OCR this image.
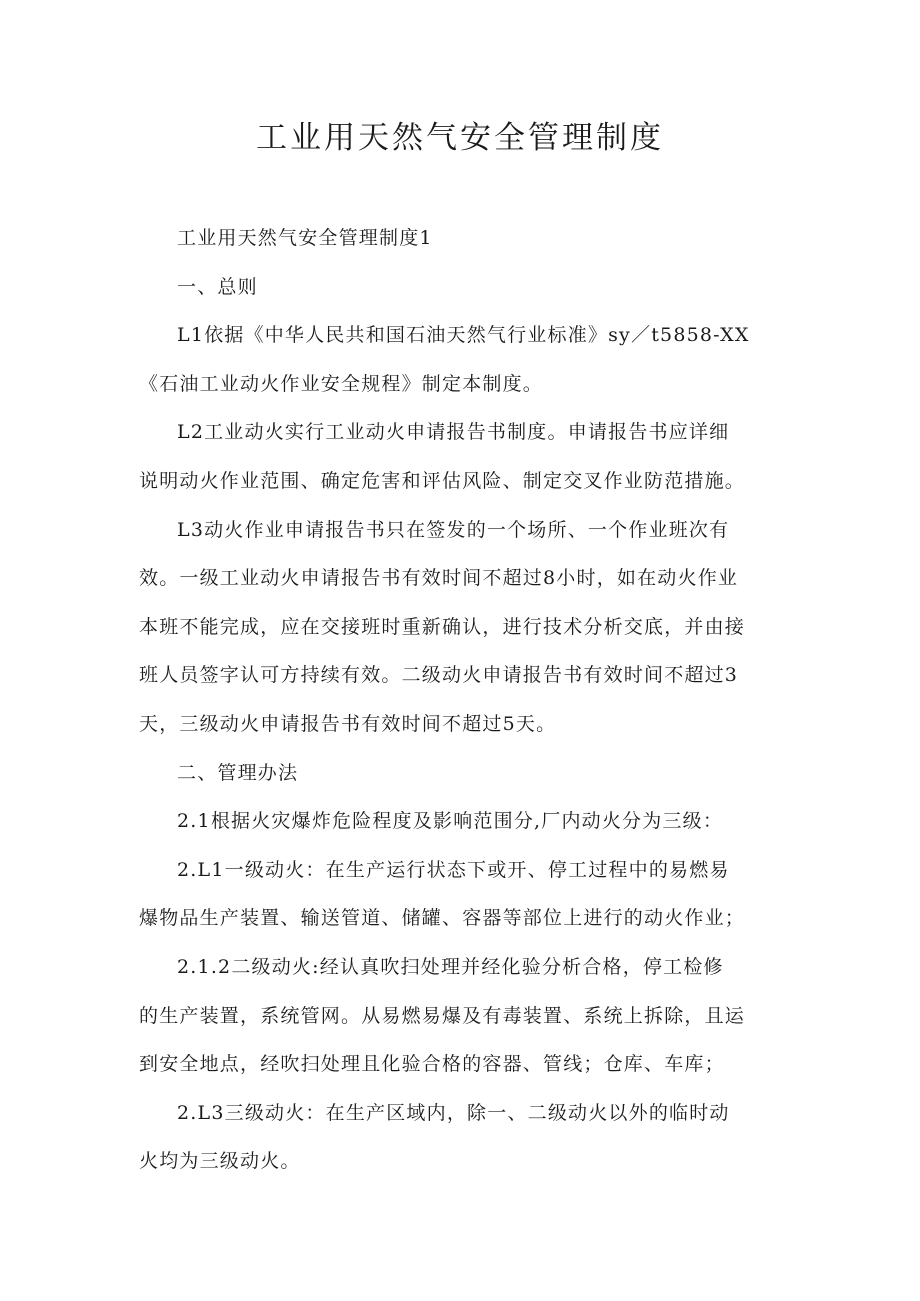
工业用天然气安全管理制度

工业用天然气安全管理制度1

一、总则

L1依据《中华人民共和国石油天然气行业标准》sy／t5858-XX
《石油工业动火作业安全规程》制定本制度。

L2工业动火实行工业动火申请报告书制度。申请报告书应详细
说明动火作业范围、确定危害和评估风险、制定交叉作业防范措施。

L3动火作业申请报告书只在签发的一个场所、一个作业班次有
效。一级工业动火申请报告书有效时间不超过8小时，如在动火作业
本班不能完成，应在交接班时重新确认，进行技术分析交底，并由接
班人员签字认可方持续有效。二级动火申请报告书有效时间不超过3
天，三级动火申请报告书有效时间不超过5天。

二、管理办法

2.1根据火灾爆炸危险程度及影响范围分,厂内动火分为三级：

2.L1一级动火：在生产运行状态下或开、停工过程中的易燃易
爆物品生产装置、输送管道、储罐、容器等部位上进行的动火作业；

2.1.2二级动火:经认真吹扫处理并经化验分析合格，停工检修
的生产装置，系统管网。从易燃易爆及有毒装置、系统上拆除，且运
到安全地点，经吹扫处理且化验合格的容器、管线；仓库、车库；

2.L3三级动火：在生产区域内，除一、二级动火以外的临时动
火均为三级动火。
